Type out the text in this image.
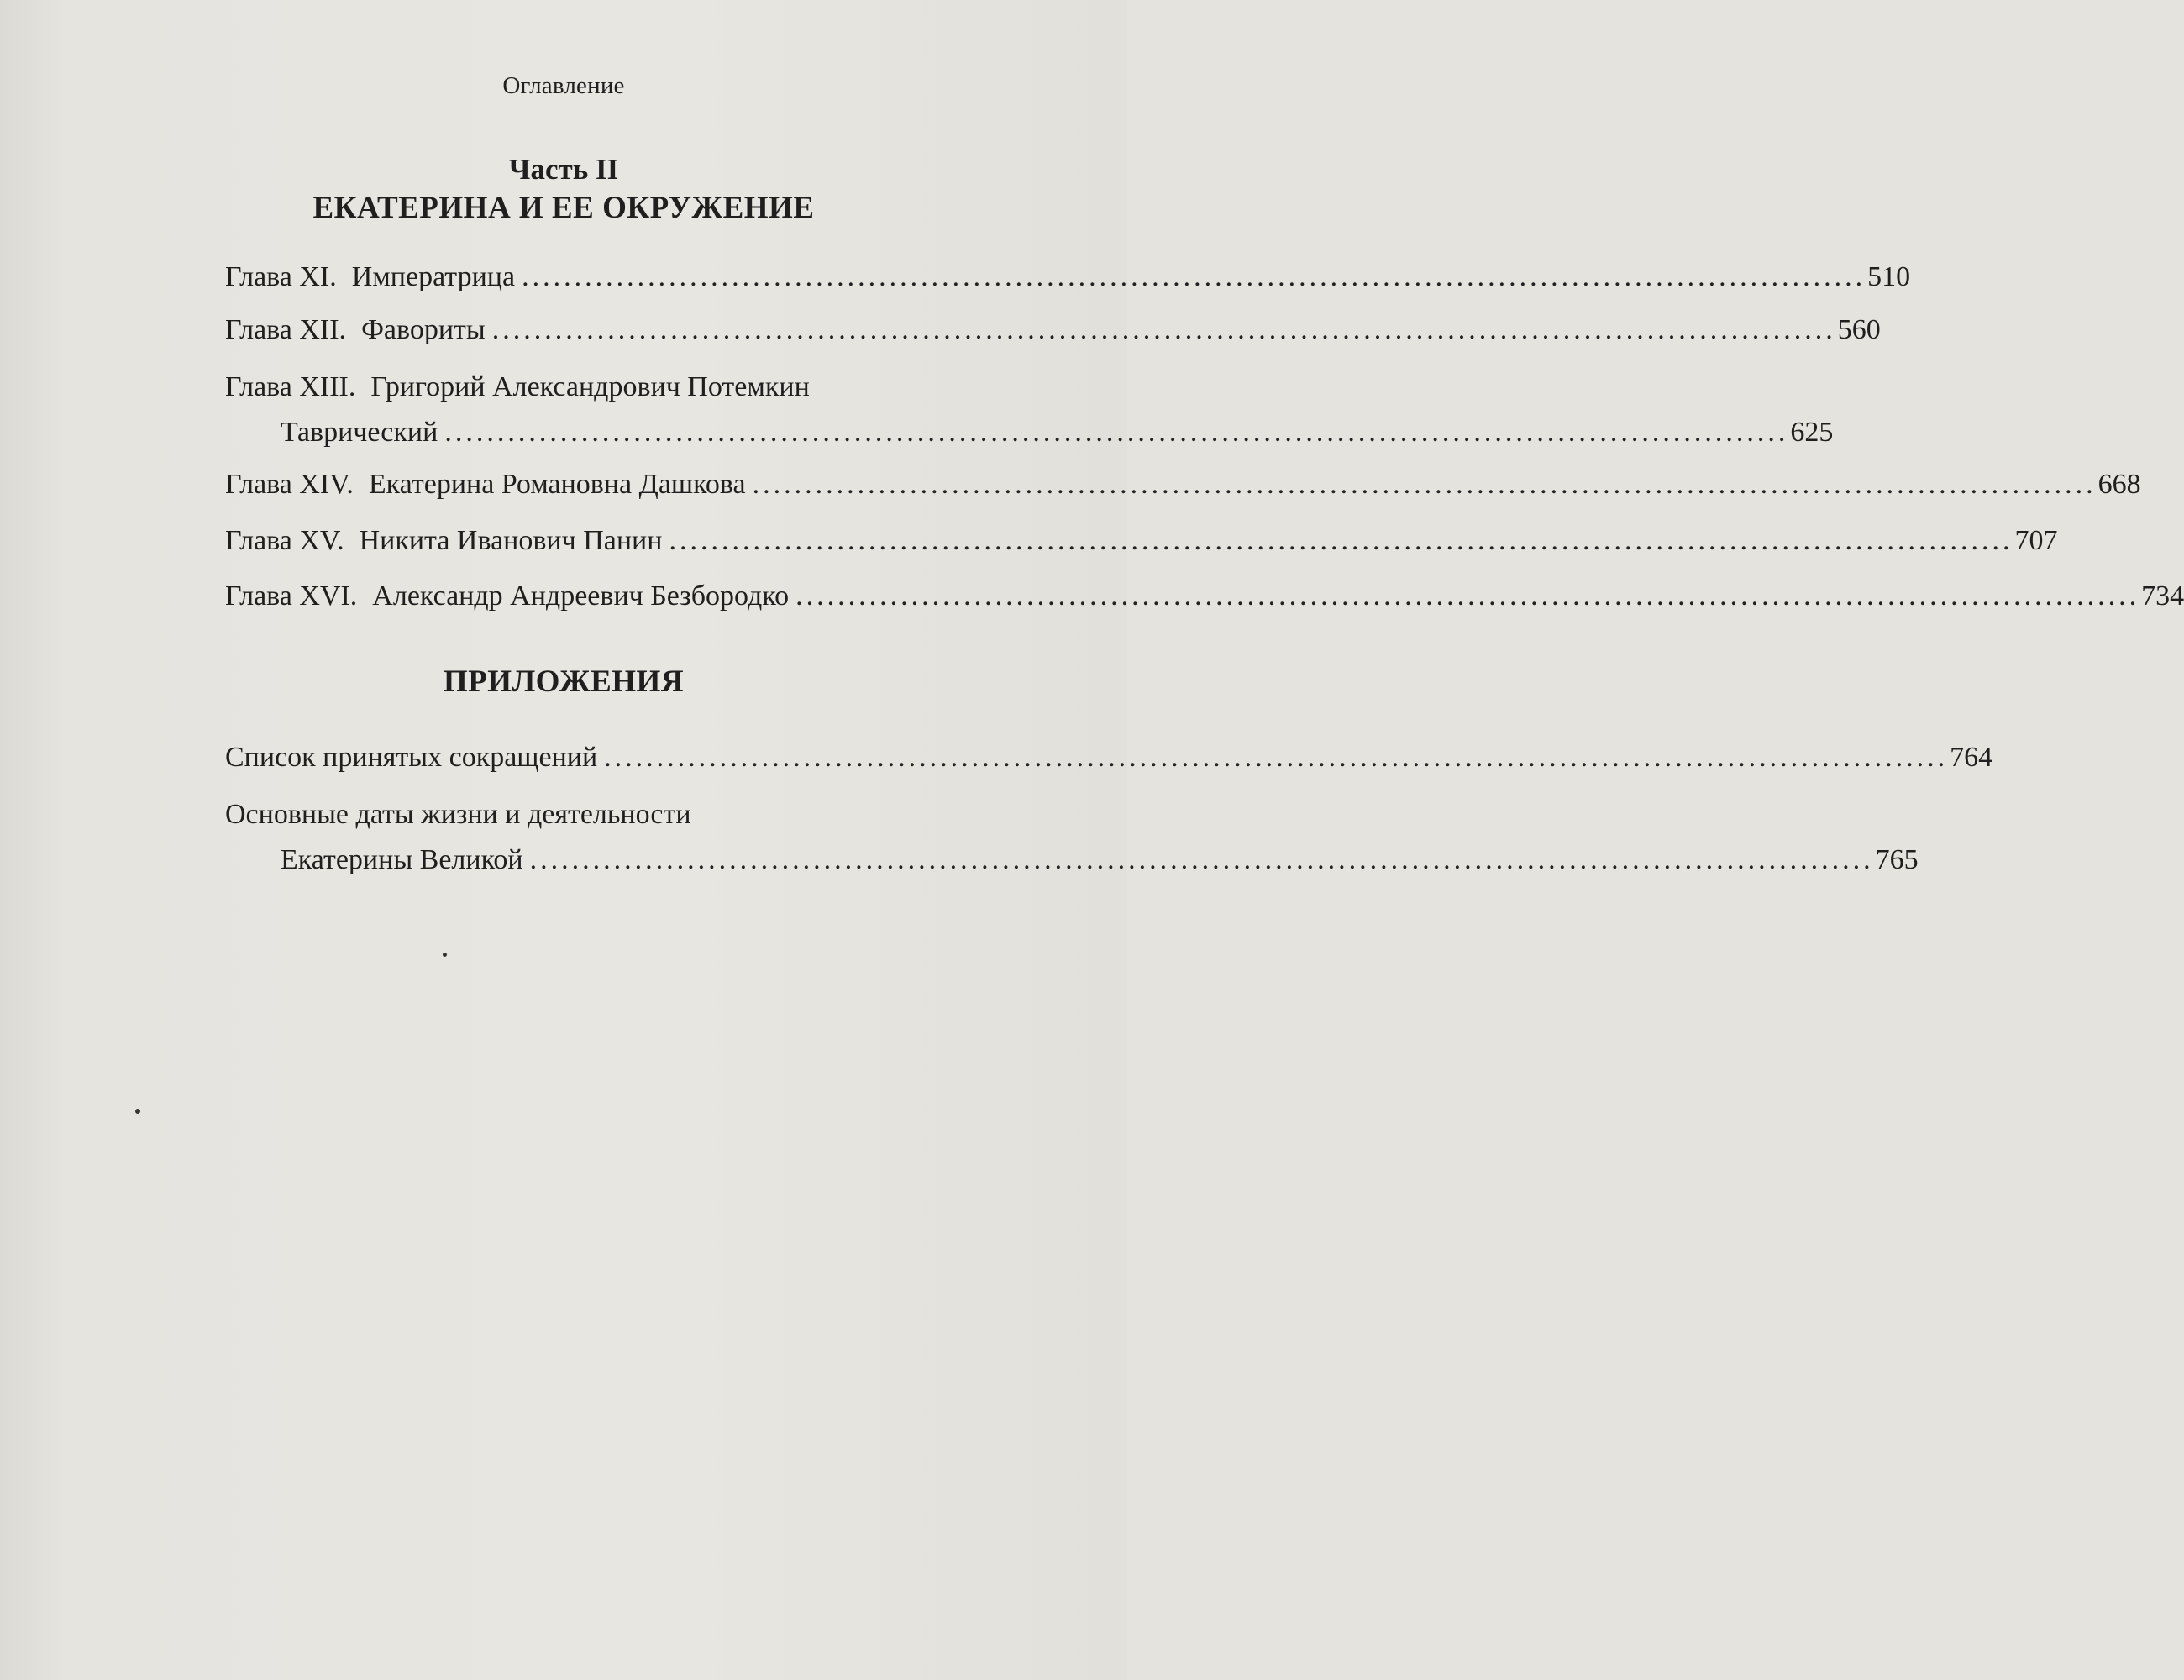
Оглавление
Часть II
ЕКАТЕРИНА И ЕЕ ОКРУЖЕНИЕ
Глава XI. Императрица ................................................................................................................................ 510
Глава XII. Фавориты ................................................................................................................................ 560
Глава XIII. Григорий Александрович Потемкин
Таврический ................................................................................................................................ 625
Глава XIV. Екатерина Романовна Дашкова ................................................................................................................................ 668
Глава XV. Никита Иванович Панин ................................................................................................................................ 707
Глава XVI. Александр Андреевич Безбородко ................................................................................................................................ 734
ПРИЛОЖЕНИЯ
Список принятых сокращений ................................................................................................................................ 764
Основные даты жизни и деятельности
Екатерины Великой ................................................................................................................................ 765
